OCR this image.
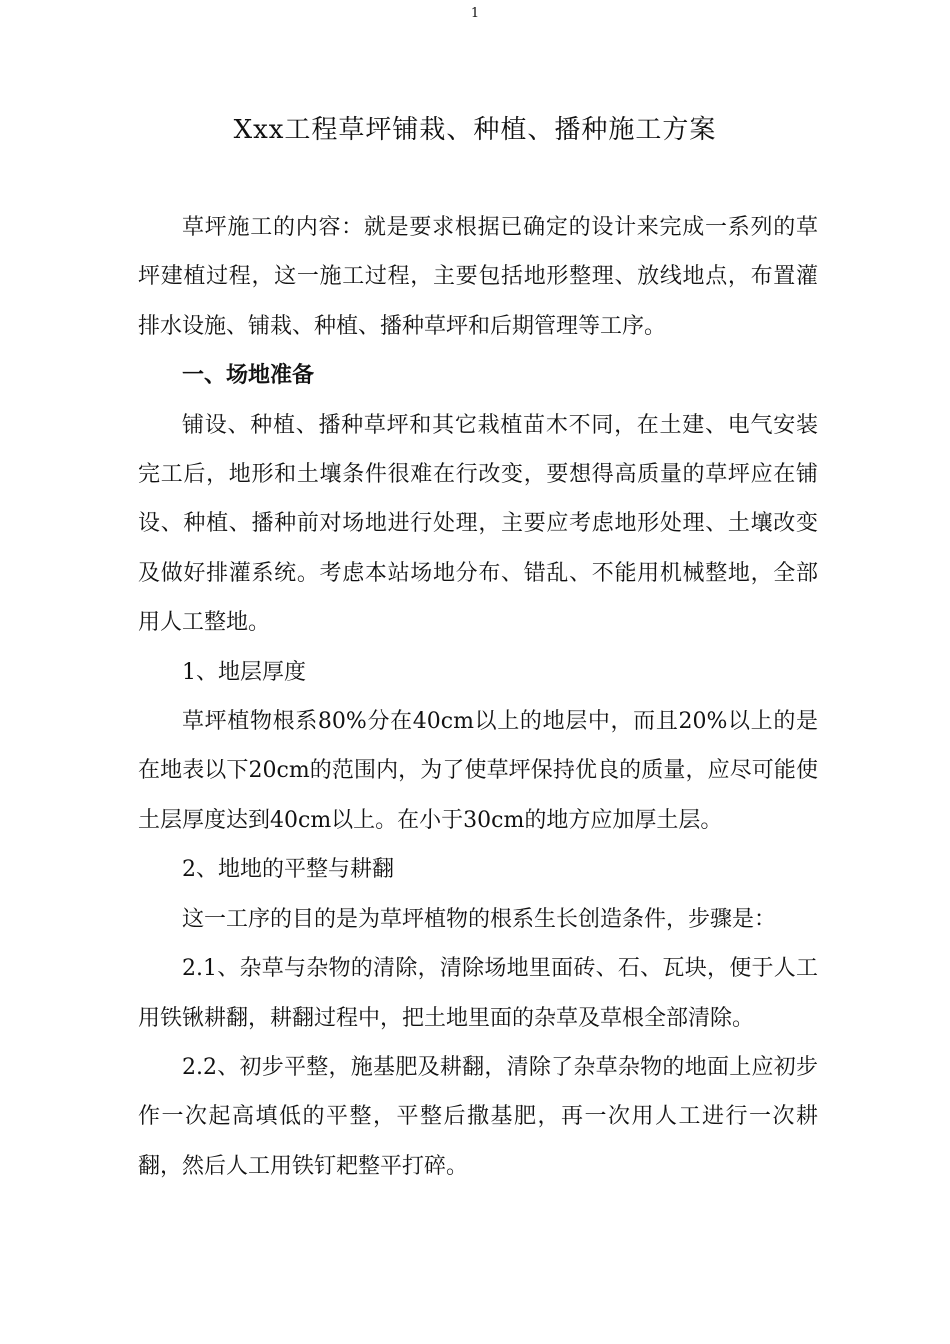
1
Xxx工程草坪铺栽、种植、播种施工方案

草坪施工的内容：就是要求根据已确定的设计来完成一系列的草坪建植过程，这一施工过程，主要包括地形整理、放线地点，布置灌排水设施、铺栽、种植、播种草坪和后期管理等工序。

一、场地准备

铺设、种植、播种草坪和其它栽植苗木不同，在土建、电气安装完工后，地形和土壤条件很难在行改变，要想得高质量的草坪应在铺设、种植、播种前对场地进行处理，主要应考虑地形处理、土壤改变及做好排灌系统。考虑本站场地分布、错乱、不能用机械整地，全部用人工整地。

1、地层厚度

草坪植物根系80%分在40cm以上的地层中，而且20%以上的是在地表以下20cm的范围内，为了使草坪保持优良的质量，应尽可能使土层厚度达到40cm以上。在小于30cm的地方应加厚土层。

2、地地的平整与耕翻

这一工序的目的是为草坪植物的根系生长创造条件，步骤是：

2.1、杂草与杂物的清除，清除场地里面砖、石、瓦块，便于人工用铁锹耕翻，耕翻过程中，把土地里面的杂草及草根全部清除。

2.2、初步平整，施基肥及耕翻，清除了杂草杂物的地面上应初步作一次起高填低的平整，平整后撒基肥，再一次用人工进行一次耕翻，然后人工用铁钉耙整平打碎。
